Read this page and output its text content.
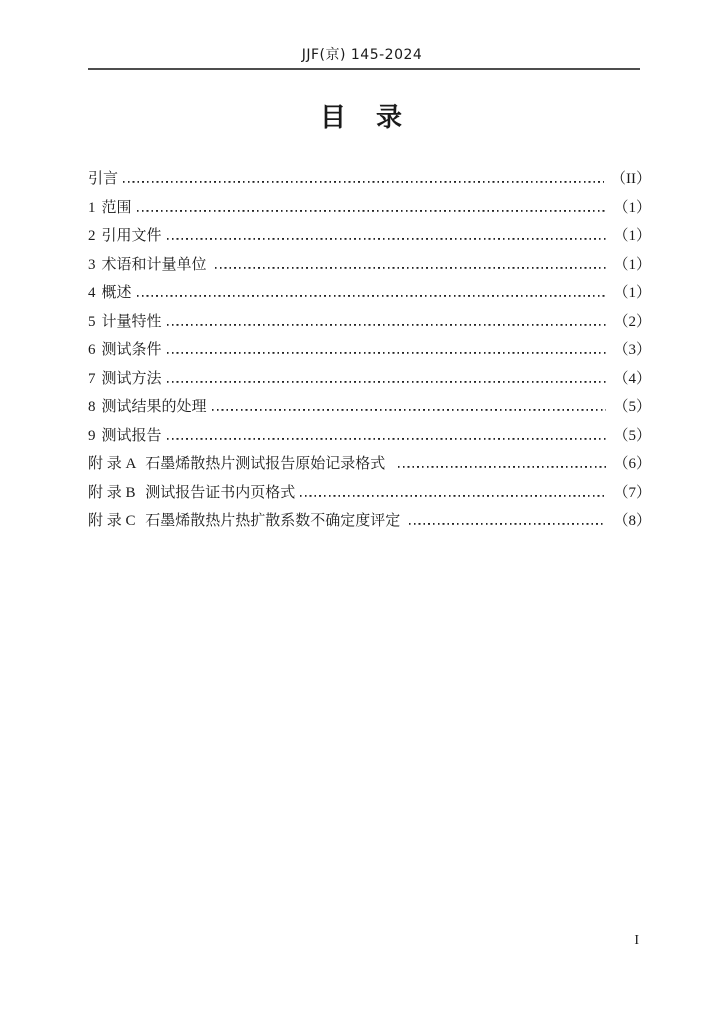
JJF(京) 145-2024
目　录
引言	（II）
1 范围	（1）
2 引用文件	（1）
3 术语和计量单位	（1）
4 概述	（1）
5 计量特性	（2）
6 测试条件	（3）
7 测试方法	（4）
8 测试结果的处理	（5）
9 测试报告	（5）
附 录 A 石墨烯散热片测试报告原始记录格式	（6）
附 录 B 测试报告证书内页格式	（7）
附 录 C 石墨烯散热片热扩散系数不确定度评定	（8）
I
